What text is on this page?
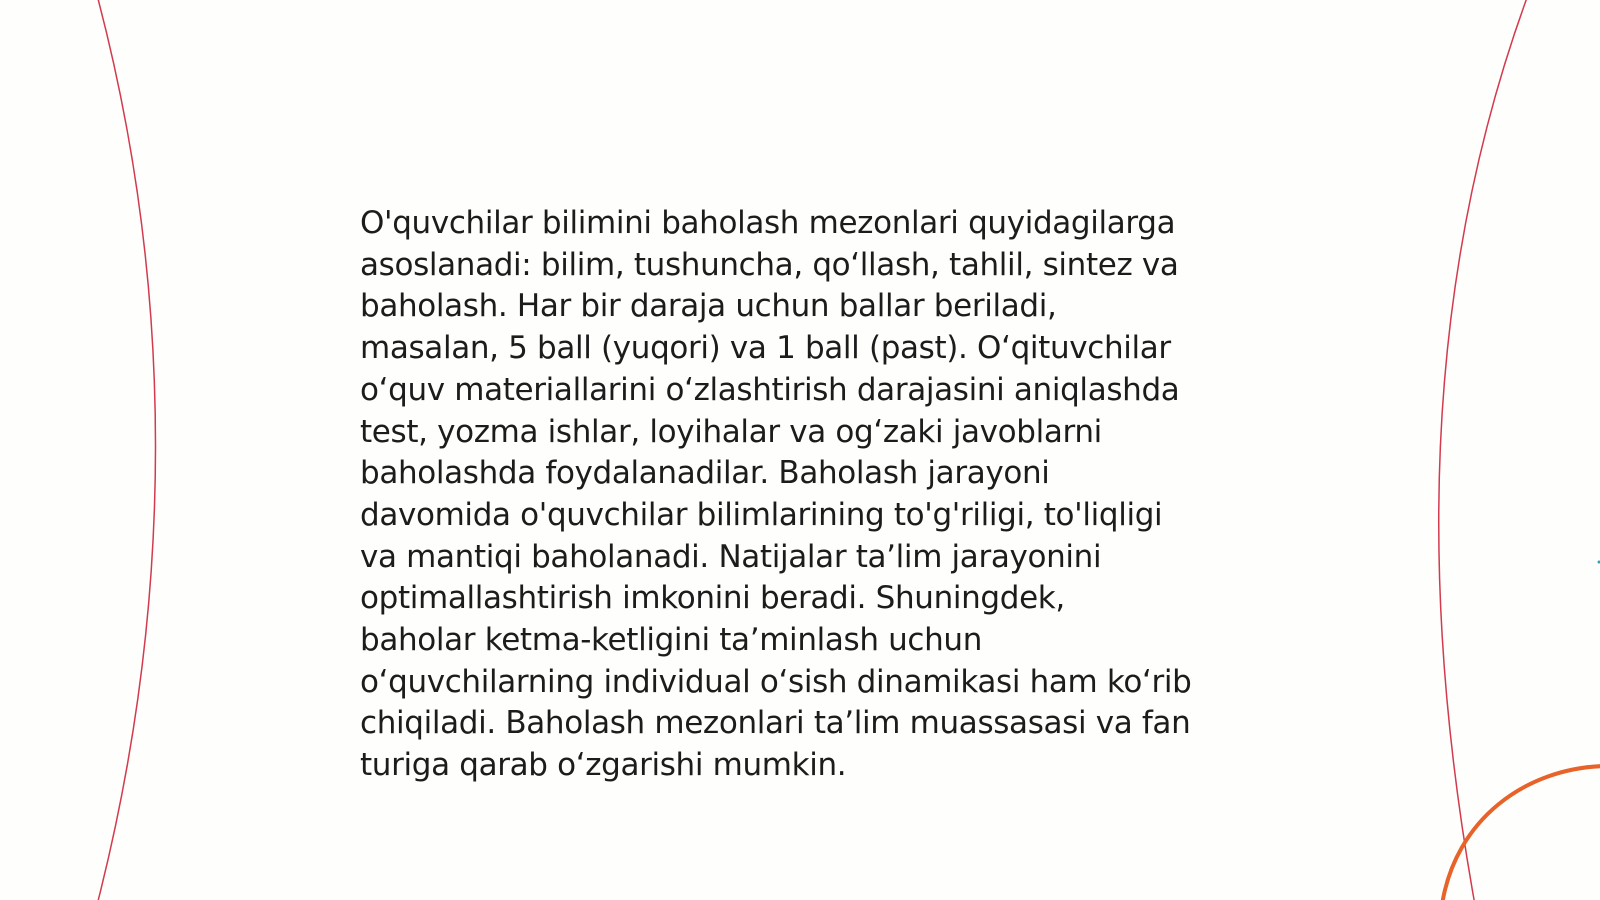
O'quvchilar bilimini baholash mezonlari quyidagilarga
asoslanadi: bilim, tushuncha, qo‘llash, tahlil, sintez va
baholash. Har bir daraja uchun ballar beriladi,
masalan, 5 ball (yuqori) va 1 ball (past). O‘qituvchilar
o‘quv materiallarini o‘zlashtirish darajasini aniqlashda
test, yozma ishlar, loyihalar va og‘zaki javoblarni
baholashda foydalanadilar. Baholash jarayoni
davomida o'quvchilar bilimlarining to'g'riligi, to'liqligi
va mantiqi baholanadi. Natijalar ta’lim jarayonini
optimallashtirish imkonini beradi. Shuningdek,
baholar ketma-ketligini ta’minlash uchun
o‘quvchilarning individual o‘sish dinamikasi ham ko‘rib
chiqiladi. Baholash mezonlari ta’lim muassasasi va fan
turiga qarab o‘zgarishi mumkin.
